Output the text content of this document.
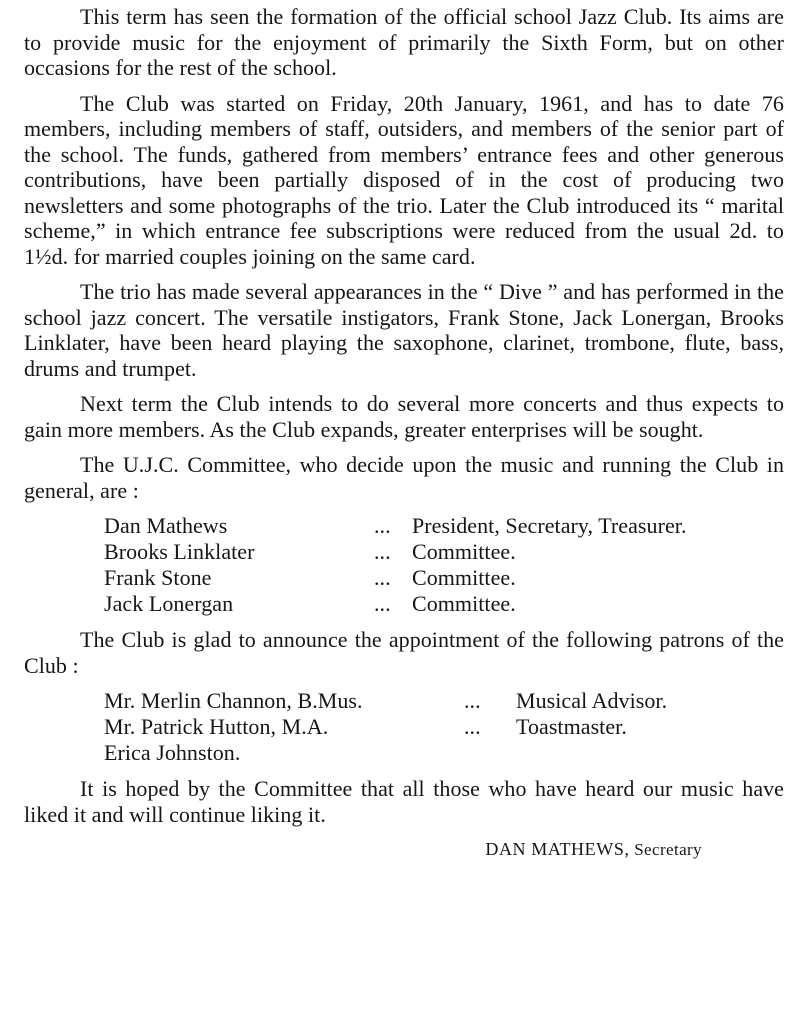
This term has seen the formation of the official school Jazz Club. Its aims are to provide music for the enjoyment of primarily the Sixth Form, but on other occasions for the rest of the school.

The Club was started on Friday, 20th January, 1961, and has to date 76 members, including members of staff, outsiders, and members of the senior part of the school. The funds, gathered from members’ entrance fees and other generous contributions, have been partially disposed of in the cost of producing two newsletters and some photographs of the trio. Later the Club introduced its “ marital scheme,” in which entrance fee subscriptions were reduced from the usual 2d. to 1½d. for married couples joining on the same card.

The trio has made several appearances in the “ Dive ” and has performed in the school jazz concert. The versatile instigators, Frank Stone, Jack Lonergan, Brooks Linklater, have been heard playing the saxophone, clarinet, trombone, flute, bass, drums and trumpet.

Next term the Club intends to do several more concerts and thus expects to gain more members. As the Club expands, greater enterprises will be sought.

The U.J.C. Committee, who decide upon the music and running the Club in general, are :

Dan Mathews	... President, Secretary, Treasurer.
Brooks Linklater	... Committee.
Frank Stone	... Committee.
Jack Lonergan	... Committee.

The Club is glad to announce the appointment of the following patrons of the Club :

Mr. Merlin Channon, B.Mus.	...	Musical Advisor.
Mr. Patrick Hutton, M.A.	...	Toastmaster.
Erica Johnston.

It is hoped by the Committee that all those who have heard our music have liked it and will continue liking it.

DAN MATHEWS, Secretary
